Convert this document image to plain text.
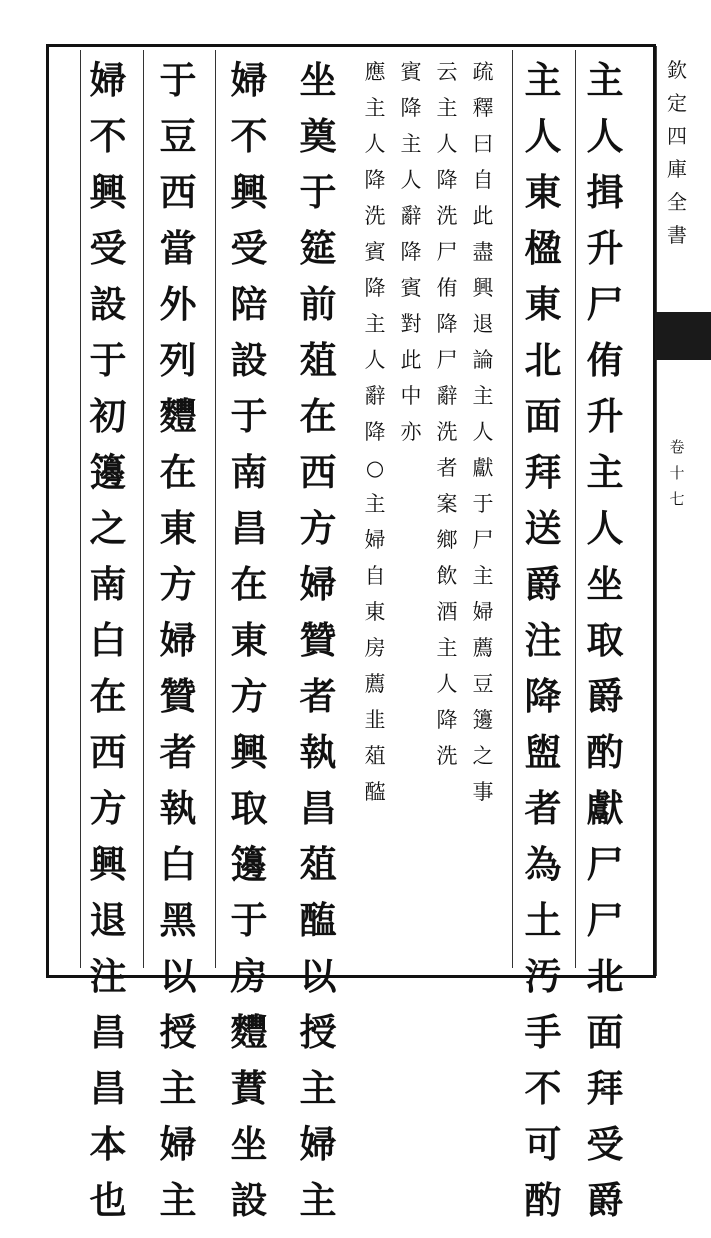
欽
定
四
庫
全
書
卷
十
七
主
人
揖
升
尸
侑
升
主
人
坐
取
爵
酌
獻
尸
尸
北
面
拜
受
爵
主
人
東
楹
東
北
面
拜
送
爵
注
降
盥
者
為
土
汚
手
不
可
酌
疏
釋
曰
自
此
盡
興
退
論
主
人
獻
于
尸
主
婦
薦
豆
籩
之
事
云
主
人
降
洗
尸
侑
降
尸
辭
洗
者
案
鄉
飲
酒
主
人
降
洗
賓
降
主
人
辭
降
賓
對
此
中
亦
應
主
人
降
洗
賓
降
主
人
辭
降
○
主
婦
自
東
房
薦
韭
葅
醓
坐
奠
于
筵
前
葅
在
西
方
婦
贊
者
執
昌
葅
醢
以
授
主
婦
主
婦
不
興
受
陪
設
于
南
昌
在
東
方
興
取
籩
于
房
麷
蕡
坐
設
于
豆
西
當
外
列
麷
在
東
方
婦
贊
者
執
白
黑
以
授
主
婦
主
婦
不
興
受
設
于
初
籩
之
南
白
在
西
方
興
退
注
昌
昌
本
也
